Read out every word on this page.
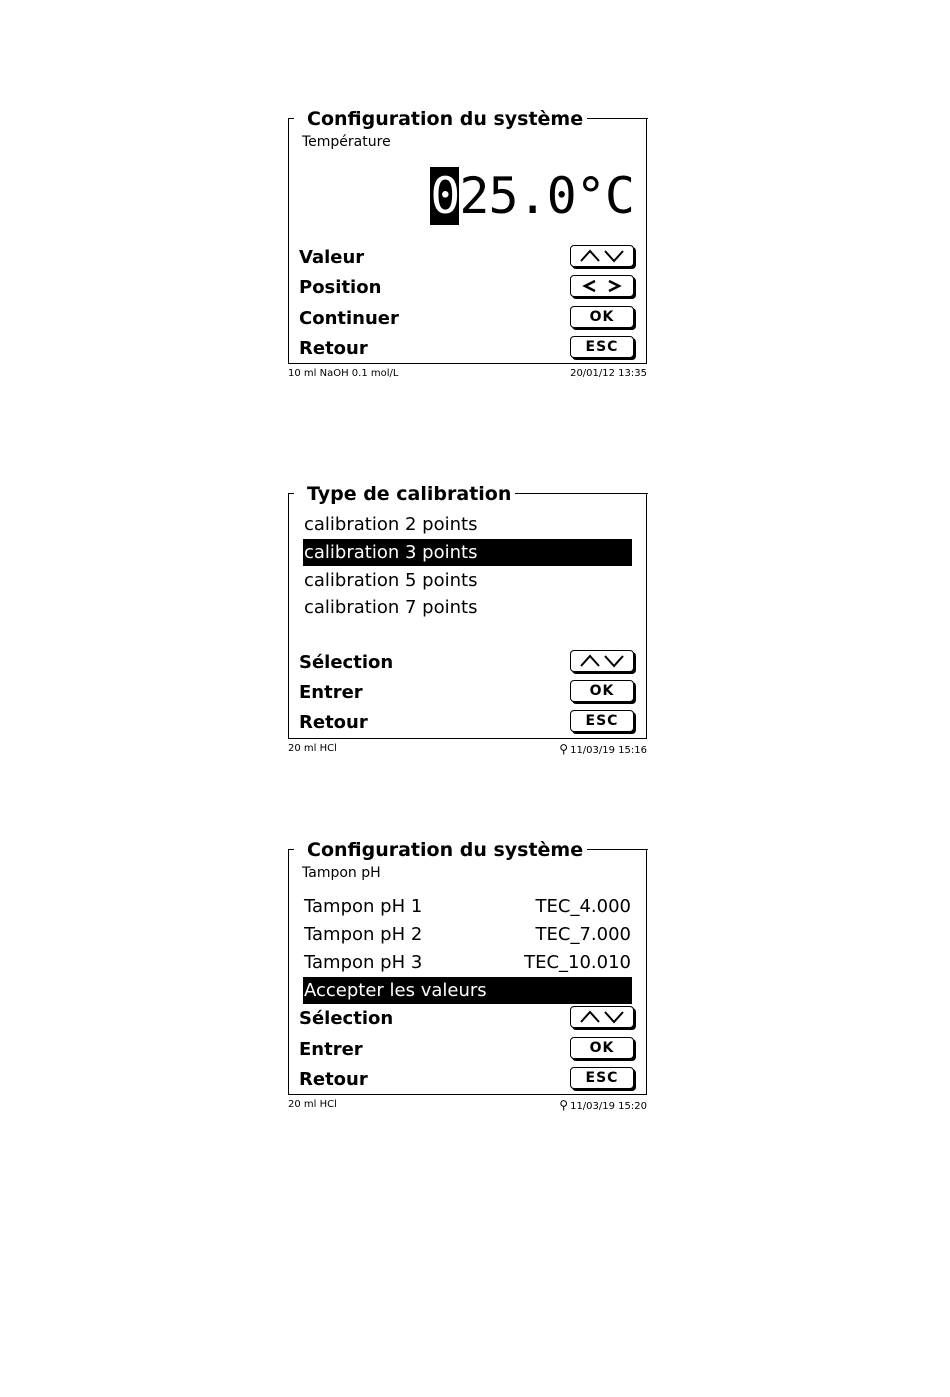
Configuration du système
Température
025.0°C
Valeur
Position
Continuer	OK
Retour	ESC
10 ml NaOH 0.1 mol/L	20/01/12 13:35
Type de calibration
calibration 2 points
calibration 3 points
calibration 5 points
calibration 7 points
Sélection
Entrer	OK
Retour	ESC
20 ml HCl	⚲ 11/03/19 15:16
Configuration du système
Tampon pH
Tampon pH 1	TEC_4.000
Tampon pH 2	TEC_7.000
Tampon pH 3	TEC_10.010
Accepter les valeurs
Sélection
Entrer	OK
Retour	ESC
20 ml HCl	⚲ 11/03/19 15:20
